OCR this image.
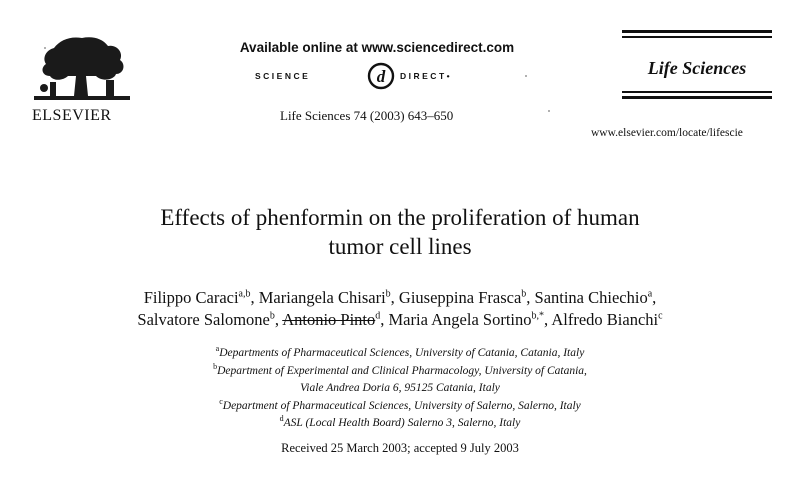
ELSEVIER
Available online at www.sciencedirect.com
SCIENCE	d DIRECT•
Life Sciences 74 (2003) 643–650
Life Sciences
www.elsevier.com/locate/lifescie
Effects of phenformin on the proliferation of human
tumor cell lines
Filippo Caraci$^{a,b}$, Mariangela Chisari$^b$, Giuseppina Frasca$^b$, Santina Chiechio$^a$,
Salvatore Salomone$^b$, Antonio Pinto$^d$, Maria Angela Sortino$^{b,*}$, Alfredo Bianchi$^c$
$^a$Departments of Pharmaceutical Sciences, University of Catania, Catania, Italy
$^b$Department of Experimental and Clinical Pharmacology, University of Catania,
Viale Andrea Doria 6, 95125 Catania, Italy
$^c$Department of Pharmaceutical Sciences, University of Salerno, Salerno, Italy
$^d$ASL (Local Health Board) Salerno 3, Salerno, Italy
Received 25 March 2003; accepted 9 July 2003
